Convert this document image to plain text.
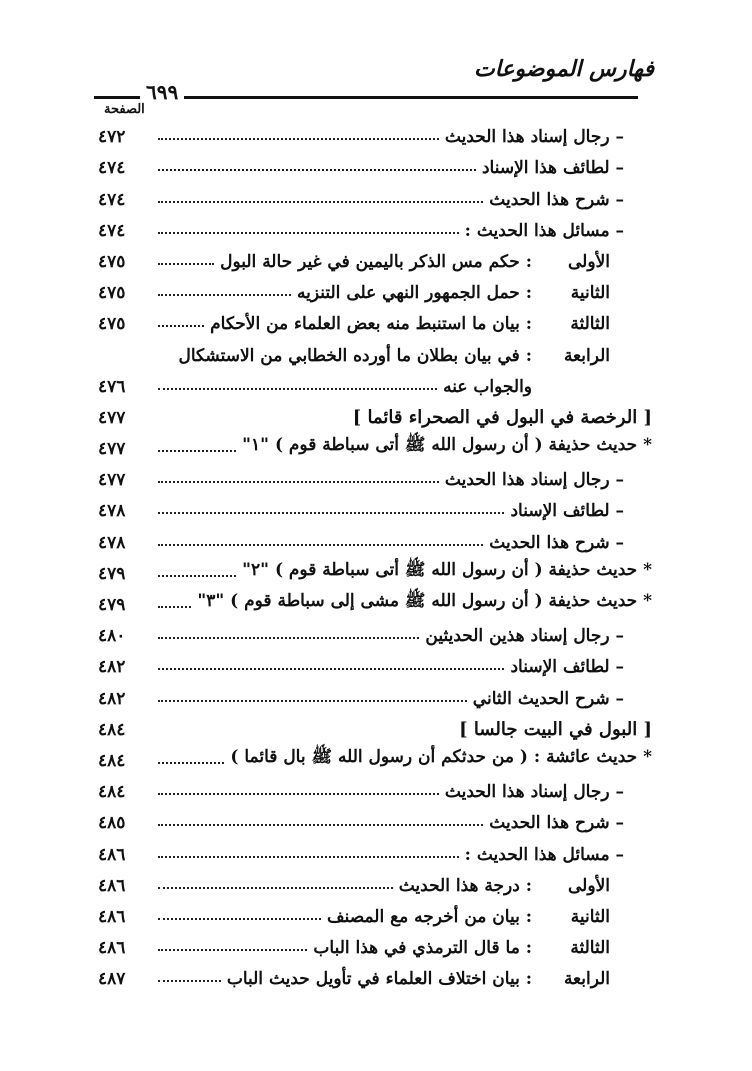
فهارس الموضوعات
٦٩٩
الصفحة
– رجال إسناد هذا الحديث
٤٧٢
– لطائف هذا الإسناد
٤٧٤
– شرح هذا الحديث
٤٧٤
– مسائل هذا الحديث :
٤٧٤
الأولى: حكم مس الذكر باليمين في غير حالة البول
٤٧٥
الثانية: حمل الجمهور النهي على التنزيه
٤٧٥
الثالثة: بيان ما استنبط منه بعض العلماء من الأحكام
٤٧٥
الرابعة: في بيان بطلان ما أورده الخطابي من الاستشكال
والجواب عنه
٤٧٦
[ الرخصة في البول في الصحراء قائما ]
٤٧٧
* حديث حذيفة ( أن رسول الله ﷺ أتى سباطة قوم ) "١"
٤٧٧
– رجال إسناد هذا الحديث
٤٧٧
– لطائف الإسناد
٤٧٨
– شرح هذا الحديث
٤٧٨
* حديث حذيفة ( أن رسول الله ﷺ أتى سباطة قوم ) "٢"
٤٧٩
* حديث حذيفة ( أن رسول الله ﷺ مشى إلى سباطة قوم ) "٣"
٤٧٩
– رجال إسناد هذين الحديثين
٤٨٠
– لطائف الإسناد
٤٨٢
– شرح الحديث الثاني
٤٨٢
[ البول في البيت جالسا ]
٤٨٤
* حديث عائشة : ( من حدثكم أن رسول الله ﷺ بال قائما )
٤٨٤
– رجال إسناد هذا الحديث
٤٨٤
– شرح هذا الحديث
٤٨٥
– مسائل هذا الحديث :
٤٨٦
الأولى: درجة هذا الحديث
٤٨٦
الثانية: بيان من أخرجه مع المصنف
٤٨٦
الثالثة: ما قال الترمذي في هذا الباب
٤٨٦
الرابعة: بيان اختلاف العلماء في تأويل حديث الباب
٤٨٧
